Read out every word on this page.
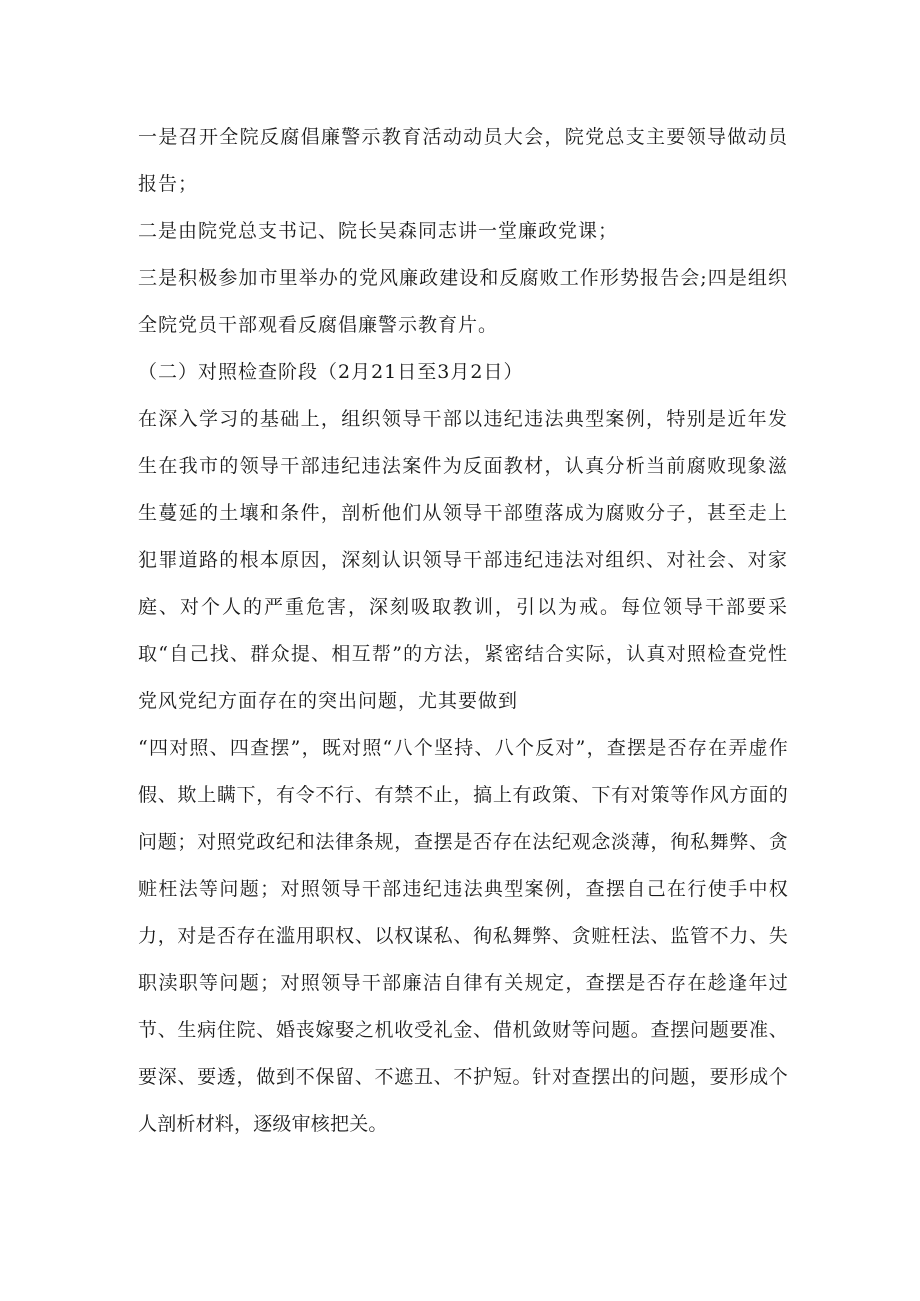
一是召开全院反腐倡廉警示教育活动动员大会，院党总支主要领导做动员报告；

二是由院党总支书记、院长吴森同志讲一堂廉政党课；

三是积极参加市里举办的党风廉政建设和反腐败工作形势报告会;四是组织全院党员干部观看反腐倡廉警示教育片。

（二）对照检查阶段（2月21日至3月2日）

在深入学习的基础上，组织领导干部以违纪违法典型案例，特别是近年发生在我市的领导干部违纪违法案件为反面教材，认真分析当前腐败现象滋生蔓延的土壤和条件，剖析他们从领导干部堕落成为腐败分子，甚至走上犯罪道路的根本原因，深刻认识领导干部违纪违法对组织、对社会、对家庭、对个人的严重危害，深刻吸取教训，引以为戒。每位领导干部要采取“自己找、群众提、相互帮”的方法，紧密结合实际，认真对照检查党性党风党纪方面存在的突出问题，尤其要做到

“四对照、四查摆”，既对照“八个坚持、八个反对”，查摆是否存在弄虚作假、欺上瞒下，有令不行、有禁不止，搞上有政策、下有对策等作风方面的问题；对照党政纪和法律条规，查摆是否存在法纪观念淡薄，徇私舞弊、贪赃枉法等问题；对照领导干部违纪违法典型案例，查摆自己在行使手中权力，对是否存在滥用职权、以权谋私、徇私舞弊、贪赃枉法、监管不力、失职渎职等问题；对照领导干部廉洁自律有关规定，查摆是否存在趁逢年过节、生病住院、婚丧嫁娶之机收受礼金、借机敛财等问题。查摆问题要准、要深、要透，做到不保留、不遮丑、不护短。针对查摆出的问题，要形成个人剖析材料，逐级审核把关。
